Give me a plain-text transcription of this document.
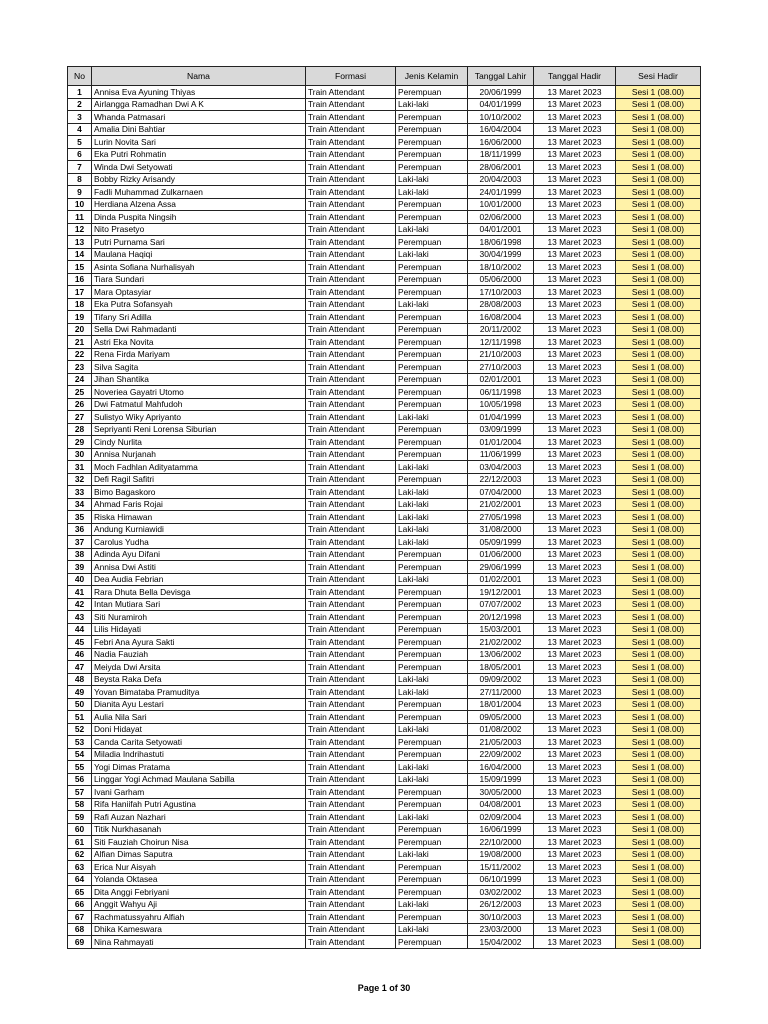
No	Nama	Formasi	Jenis Kelamin	Tanggal Lahir	Tanggal Hadir	Sesi Hadir
1	Annisa Eva Ayuning Thiyas	Train Attendant	Perempuan	20/06/1999	13 Maret 2023	Sesi 1 (08.00)
2	Airlangga Ramadhan Dwi A K	Train Attendant	Laki-laki	04/01/1999	13 Maret 2023	Sesi 1 (08.00)
3	Whanda Patmasari	Train Attendant	Perempuan	10/10/2002	13 Maret 2023	Sesi 1 (08.00)
4	Amalia Dini Bahtiar	Train Attendant	Perempuan	16/04/2004	13 Maret 2023	Sesi 1 (08.00)
5	Lurin Novita Sari	Train Attendant	Perempuan	16/06/2000	13 Maret 2023	Sesi 1 (08.00)
6	Eka Putri Rohmatin	Train Attendant	Perempuan	18/11/1999	13 Maret 2023	Sesi 1 (08.00)
7	Winda Dwi Setyowati	Train Attendant	Perempuan	28/06/2001	13 Maret 2023	Sesi 1 (08.00)
8	Bobby Rizky Arisandy	Train Attendant	Laki-laki	20/04/2003	13 Maret 2023	Sesi 1 (08.00)
9	Fadli Muhammad Zulkarnaen	Train Attendant	Laki-laki	24/01/1999	13 Maret 2023	Sesi 1 (08.00)
10	Herdiana Alzena Assa	Train Attendant	Perempuan	10/01/2000	13 Maret 2023	Sesi 1 (08.00)
11	Dinda Puspita Ningsih	Train Attendant	Perempuan	02/06/2000	13 Maret 2023	Sesi 1 (08.00)
12	Nito Prasetyo	Train Attendant	Laki-laki	04/01/2001	13 Maret 2023	Sesi 1 (08.00)
13	Putri Purnama Sari	Train Attendant	Perempuan	18/06/1998	13 Maret 2023	Sesi 1 (08.00)
14	Maulana Haqiqi	Train Attendant	Laki-laki	30/04/1999	13 Maret 2023	Sesi 1 (08.00)
15	Asinta Sofiana Nurhalisyah	Train Attendant	Perempuan	18/10/2002	13 Maret 2023	Sesi 1 (08.00)
16	Tiara Sundari	Train Attendant	Perempuan	05/06/2000	13 Maret 2023	Sesi 1 (08.00)
17	Mara Optasyiar	Train Attendant	Perempuan	17/10/2003	13 Maret 2023	Sesi 1 (08.00)
18	Eka Putra Sofansyah	Train Attendant	Laki-laki	28/08/2003	13 Maret 2023	Sesi 1 (08.00)
19	Tifany Sri Adilla	Train Attendant	Perempuan	16/08/2004	13 Maret 2023	Sesi 1 (08.00)
20	Sella Dwi Rahmadanti	Train Attendant	Perempuan	20/11/2002	13 Maret 2023	Sesi 1 (08.00)
21	Astri Eka Novita	Train Attendant	Perempuan	12/11/1998	13 Maret 2023	Sesi 1 (08.00)
22	Rena Firda Mariyam	Train Attendant	Perempuan	21/10/2003	13 Maret 2023	Sesi 1 (08.00)
23	Silva Sagita	Train Attendant	Perempuan	27/10/2003	13 Maret 2023	Sesi 1 (08.00)
24	Jihan Shantika	Train Attendant	Perempuan	02/01/2001	13 Maret 2023	Sesi 1 (08.00)
25	Noveriea Gayatri Utomo	Train Attendant	Perempuan	06/11/1998	13 Maret 2023	Sesi 1 (08.00)
26	Dwi Fatmatul Mahfudoh	Train Attendant	Perempuan	10/05/1998	13 Maret 2023	Sesi 1 (08.00)
27	Sulistyo Wiky Apriyanto	Train Attendant	Laki-laki	01/04/1999	13 Maret 2023	Sesi 1 (08.00)
28	Sepriyanti Reni Lorensa Siburian	Train Attendant	Perempuan	03/09/1999	13 Maret 2023	Sesi 1 (08.00)
29	Cindy Nurlita	Train Attendant	Perempuan	01/01/2004	13 Maret 2023	Sesi 1 (08.00)
30	Annisa Nurjanah	Train Attendant	Perempuan	11/06/1999	13 Maret 2023	Sesi 1 (08.00)
31	Moch Fadhlan Adityatamma	Train Attendant	Laki-laki	03/04/2003	13 Maret 2023	Sesi 1 (08.00)
32	Defi Ragil Safitri	Train Attendant	Perempuan	22/12/2003	13 Maret 2023	Sesi 1 (08.00)
33	Bimo Bagaskoro	Train Attendant	Laki-laki	07/04/2000	13 Maret 2023	Sesi 1 (08.00)
34	Ahmad Faris Rojai	Train Attendant	Laki-laki	21/02/2001	13 Maret 2023	Sesi 1 (08.00)
35	Riska Himawan	Train Attendant	Laki-laki	27/05/1998	13 Maret 2023	Sesi 1 (08.00)
36	Andung Kurniawidi	Train Attendant	Laki-laki	31/08/2000	13 Maret 2023	Sesi 1 (08.00)
37	Carolus Yudha	Train Attendant	Laki-laki	05/09/1999	13 Maret 2023	Sesi 1 (08.00)
38	Adinda Ayu Difani	Train Attendant	Perempuan	01/06/2000	13 Maret 2023	Sesi 1 (08.00)
39	Annisa Dwi Astiti	Train Attendant	Perempuan	29/06/1999	13 Maret 2023	Sesi 1 (08.00)
40	Dea Audia Febrian	Train Attendant	Laki-laki	01/02/2001	13 Maret 2023	Sesi 1 (08.00)
41	Rara Dhuta Bella Devisga	Train Attendant	Perempuan	19/12/2001	13 Maret 2023	Sesi 1 (08.00)
42	Intan Mutiara Sari	Train Attendant	Perempuan	07/07/2002	13 Maret 2023	Sesi 1 (08.00)
43	Siti Nuramiroh	Train Attendant	Perempuan	20/12/1998	13 Maret 2023	Sesi 1 (08.00)
44	Lilis Hidayati	Train Attendant	Perempuan	15/03/2001	13 Maret 2023	Sesi 1 (08.00)
45	Febri Ana Ayura Sakti	Train Attendant	Perempuan	21/02/2002	13 Maret 2023	Sesi 1 (08.00)
46	Nadia Fauziah	Train Attendant	Perempuan	13/06/2002	13 Maret 2023	Sesi 1 (08.00)
47	Meiyda Dwi Arsita	Train Attendant	Perempuan	18/05/2001	13 Maret 2023	Sesi 1 (08.00)
48	Beysta Raka Defa	Train Attendant	Laki-laki	09/09/2002	13 Maret 2023	Sesi 1 (08.00)
49	Yovan Bimataba Pramuditya	Train Attendant	Laki-laki	27/11/2000	13 Maret 2023	Sesi 1 (08.00)
50	Dianita Ayu Lestari	Train Attendant	Perempuan	18/01/2004	13 Maret 2023	Sesi 1 (08.00)
51	Aulia Nila Sari	Train Attendant	Perempuan	09/05/2000	13 Maret 2023	Sesi 1 (08.00)
52	Doni Hidayat	Train Attendant	Laki-laki	01/08/2002	13 Maret 2023	Sesi 1 (08.00)
53	Canda Carita Setyowati	Train Attendant	Perempuan	21/05/2003	13 Maret 2023	Sesi 1 (08.00)
54	Miladia Indrihastuti	Train Attendant	Perempuan	22/09/2002	13 Maret 2023	Sesi 1 (08.00)
55	Yogi Dimas Pratama	Train Attendant	Laki-laki	16/04/2000	13 Maret 2023	Sesi 1 (08.00)
56	Linggar Yogi Achmad Maulana Sabilla	Train Attendant	Laki-laki	15/09/1999	13 Maret 2023	Sesi 1 (08.00)
57	Ivani Garham	Train Attendant	Perempuan	30/05/2000	13 Maret 2023	Sesi 1 (08.00)
58	Rifa Haniifah Putri Agustina	Train Attendant	Perempuan	04/08/2001	13 Maret 2023	Sesi 1 (08.00)
59	Rafi Auzan Nazhari	Train Attendant	Laki-laki	02/09/2004	13 Maret 2023	Sesi 1 (08.00)
60	Titik Nurkhasanah	Train Attendant	Perempuan	16/06/1999	13 Maret 2023	Sesi 1 (08.00)
61	Siti Fauziah Choirun Nisa	Train Attendant	Perempuan	22/10/2000	13 Maret 2023	Sesi 1 (08.00)
62	Alfian Dimas Saputra	Train Attendant	Laki-laki	19/08/2000	13 Maret 2023	Sesi 1 (08.00)
63	Erica Nur Aisyah	Train Attendant	Perempuan	15/11/2002	13 Maret 2023	Sesi 1 (08.00)
64	Yolanda Oktasea	Train Attendant	Perempuan	06/10/1999	13 Maret 2023	Sesi 1 (08.00)
65	Dita Anggi Febriyani	Train Attendant	Perempuan	03/02/2002	13 Maret 2023	Sesi 1 (08.00)
66	Anggit Wahyu Aji	Train Attendant	Laki-laki	26/12/2003	13 Maret 2023	Sesi 1 (08.00)
67	Rachmatussyahru Alfiah	Train Attendant	Perempuan	30/10/2003	13 Maret 2023	Sesi 1 (08.00)
68	Dhika Kameswara	Train Attendant	Laki-laki	23/03/2000	13 Maret 2023	Sesi 1 (08.00)
69	Nina Rahmayati	Train Attendant	Perempuan	15/04/2002	13 Maret 2023	Sesi 1 (08.00)
Page 1 of 30
